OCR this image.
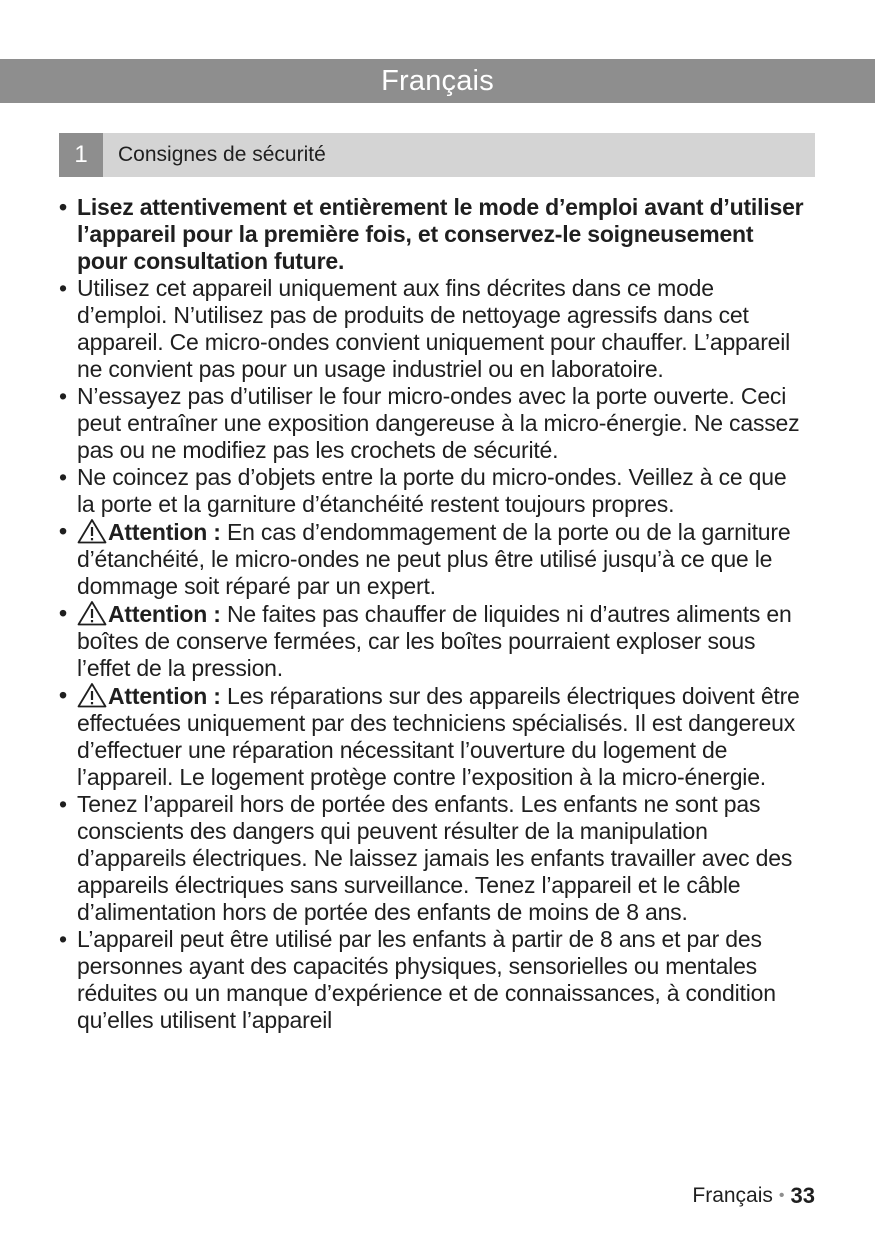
Français
1	Consignes de sécurité
• Lisez attentivement et entièrement le mode d’emploi avant d’utiliser l’appareil pour la première fois, et conservez-le soigneusement pour consultation future.
• Utilisez cet appareil uniquement aux fins décrites dans ce mode d’emploi. N’utilisez pas de produits de nettoyage agressifs dans cet appareil. Ce micro-ondes convient uniquement pour chauffer. L’appareil ne convient pas pour un usage industriel ou en laboratoire.
• N’essayez pas d’utiliser le four micro-ondes avec la porte ouverte. Ceci peut entraîner une exposition dangereuse à la micro-énergie. Ne cassez pas ou ne modifiez pas les crochets de sécurité.
• Ne coincez pas d’objets entre la porte du micro-ondes. Veillez à ce que la porte et la garniture d’étanchéité restent toujours propres.
• Attention : En cas d’endommagement de la porte ou de la garniture d’étanchéité, le micro-ondes ne peut plus être utilisé jusqu’à ce que le dommage soit réparé par un expert.
• Attention : Ne faites pas chauffer de liquides ni d’autres aliments en boîtes de conserve fermées, car les boîtes pourraient exploser sous l’effet de la pression.
• Attention : Les réparations sur des appareils électriques doivent être effectuées uniquement par des techniciens spécialisés. Il est dangereux d’effectuer une réparation nécessitant l’ouverture du logement de l’appareil. Le logement protège contre l’exposition à la micro-énergie.
• Tenez l’appareil hors de portée des enfants. Les enfants ne sont pas conscients des dangers qui peuvent résulter de la manipulation d’appareils électriques. Ne laissez jamais les enfants travailler avec des appareils électriques sans surveillance. Tenez l’appareil et le câble d’alimentation hors de portée des enfants de moins de 8 ans.
• L’appareil peut être utilisé par les enfants à partir de 8 ans et par des personnes ayant des capacités physiques, sensorielles ou mentales réduites ou un manque d’expérience et de connaissances, à condition qu’elles utilisent l’appareil
Français • 33
